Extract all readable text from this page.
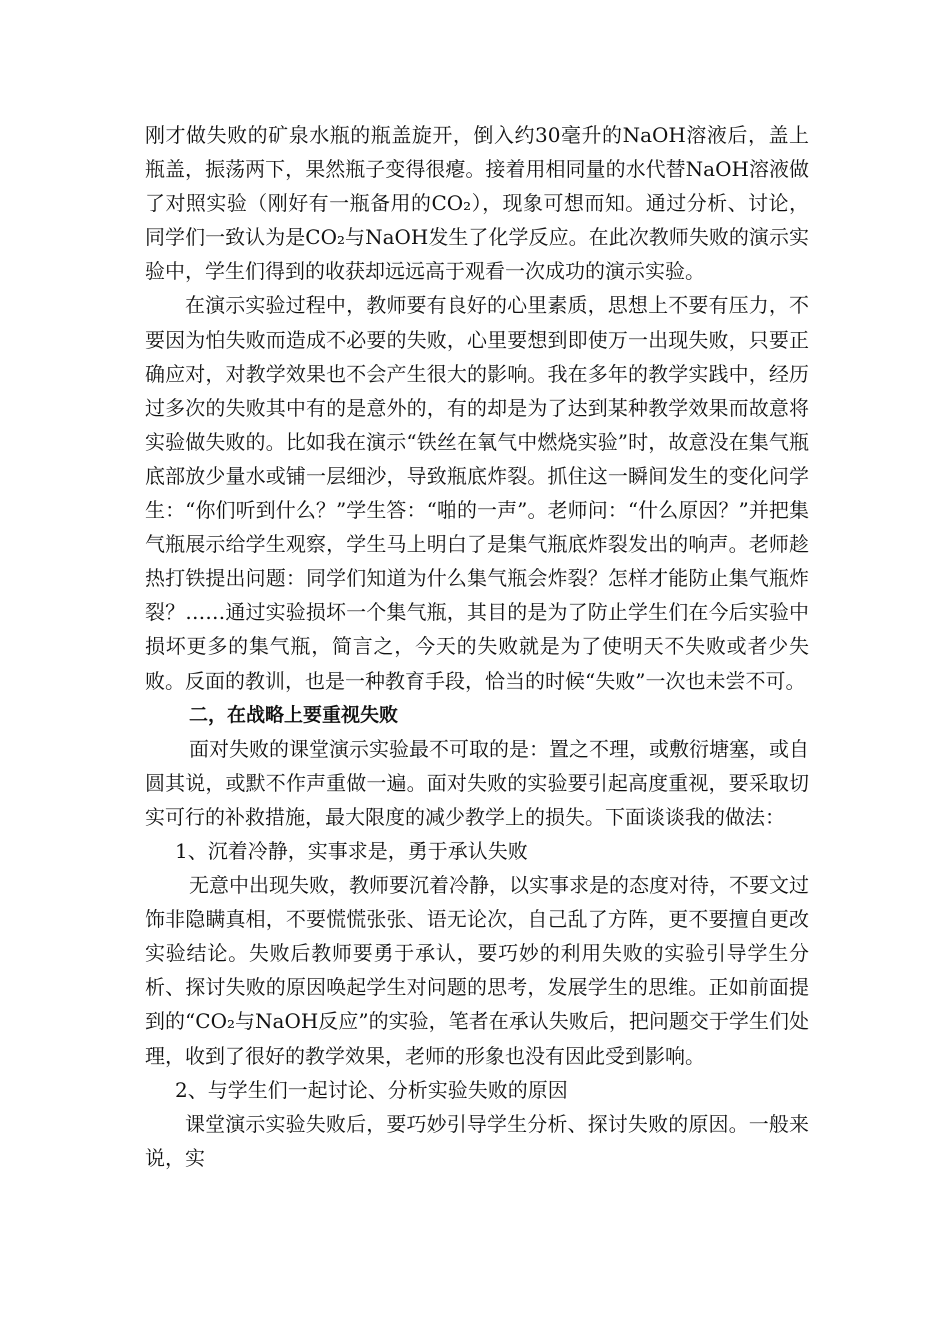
刚才做失败的矿泉水瓶的瓶盖旋开，倒入约30毫升的NaOH溶液后，盖上瓶盖，振荡两下，果然瓶子变得很瘪。接着用相同量的水代替NaOH溶液做了对照实验（刚好有一瓶备用的CO₂），现象可想而知。通过分析、讨论，同学们一致认为是CO₂与NaOH发生了化学反应。在此次教师失败的演示实验中，学生们得到的收获却远远高于观看一次成功的演示实验。

在演示实验过程中，教师要有良好的心里素质，思想上不要有压力，不要因为怕失败而造成不必要的失败，心里要想到即使万一出现失败，只要正确应对，对教学效果也不会产生很大的影响。我在多年的教学实践中，经历过多次的失败其中有的是意外的，有的却是为了达到某种教学效果而故意将实验做失败的。比如我在演示“铁丝在氧气中燃烧实验”时，故意没在集气瓶底部放少量水或铺一层细沙，导致瓶底炸裂。抓住这一瞬间发生的变化问学生：“你们听到什么？”学生答：“啪的一声”。老师问：“什么原因？”并把集气瓶展示给学生观察，学生马上明白了是集气瓶底炸裂发出的响声。老师趁热打铁提出问题：同学们知道为什么集气瓶会炸裂？怎样才能防止集气瓶炸裂？……通过实验损坏一个集气瓶，其目的是为了防止学生们在今后实验中损坏更多的集气瓶，简言之，今天的失败就是为了使明天不失败或者少失败。反面的教训，也是一种教育手段，恰当的时候“失败”一次也未尝不可。

二，在战略上要重视失败

面对失败的课堂演示实验最不可取的是：置之不理，或敷衍塘塞，或自圆其说，或默不作声重做一遍。面对失败的实验要引起高度重视，要采取切实可行的补救措施，最大限度的减少教学上的损失。下面谈谈我的做法：

1、沉着冷静，实事求是，勇于承认失败

无意中出现失败，教师要沉着冷静，以实事求是的态度对待，不要文过饰非隐瞒真相，不要慌慌张张、语无论次，自己乱了方阵，更不要擅自更改实验结论。失败后教师要勇于承认，要巧妙的利用失败的实验引导学生分析、探讨失败的原因唤起学生对问题的思考，发展学生的思维。正如前面提到的“CO₂与NaOH反应”的实验，笔者在承认失败后，把问题交于学生们处理，收到了很好的教学效果，老师的形象也没有因此受到影响。

2、与学生们一起讨论、分析实验失败的原因

课堂演示实验失败后，要巧妙引导学生分析、探讨失败的原因。一般来说，实
